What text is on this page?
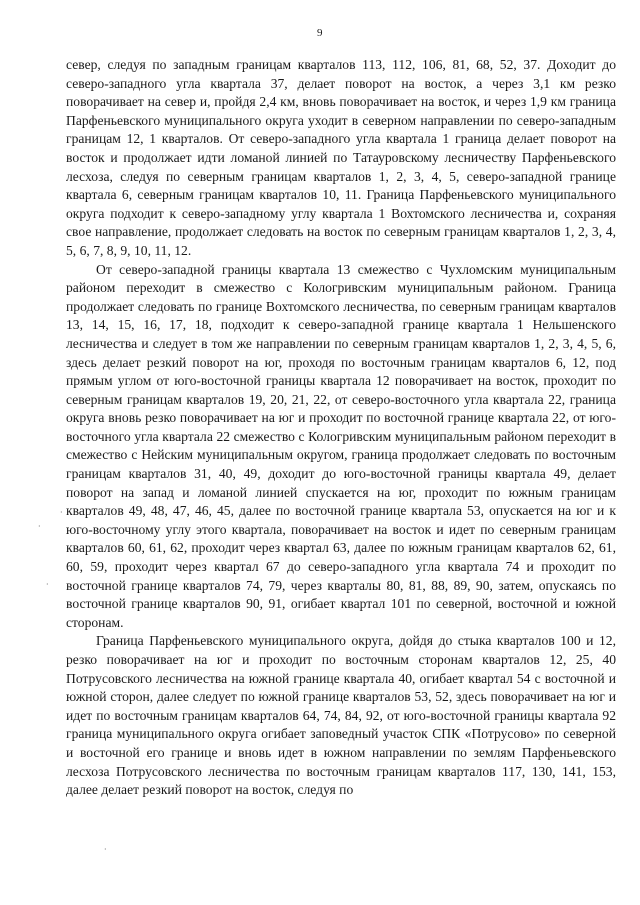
9

север, следуя по западным границам кварталов 113, 112, 106, 81, 68, 52, 37. Доходит до северо-западного угла квартала 37, делает поворот на восток, а через 3,1 км резко поворачивает на север и, пройдя 2,4 км, вновь поворачивает на восток, и через 1,9 км граница Парфеньевского муниципального округа уходит в северном направлении по северо-западным границам 12, 1 кварталов. От северо-западного угла квартала 1 граница делает поворот на восток и продолжает идти ломаной линией по Татауровскому лесничеству Парфеньевского лесхоза, следуя по северным границам кварталов 1, 2, 3, 4, 5, северо-западной границе квартала 6, северным границам кварталов 10, 11. Граница Парфеньевского муниципального округа подходит к северо-западному углу квартала 1 Вохтомского лесничества и, сохраняя свое направление, продолжает следовать на восток по северным границам кварталов 1, 2, 3, 4, 5, 6, 7, 8, 9, 10, 11, 12.

От северо-западной границы квартала 13 смежество с Чухломским муниципальным районом переходит в смежество с Кологривским муниципальным районом. Граница продолжает следовать по границе Вохтомского лесничества, по северным границам кварталов 13, 14, 15, 16, 17, 18, подходит к северо-западной границе квартала 1 Нельшенского лесничества и следует в том же направлении по северным границам кварталов 1, 2, 3, 4, 5, 6, здесь делает резкий поворот на юг, проходя по восточным границам кварталов 6, 12, под прямым углом от юго-восточной границы квартала 12 поворачивает на восток, проходит по северным границам кварталов 19, 20, 21, 22, от северо-восточного угла квартала 22, граница округа вновь резко поворачивает на юг и проходит по восточной границе квартала 22, от юго-восточного угла квартала 22 смежество с Кологривским муниципальным районом переходит в смежество с Нейским муниципальным округом, граница продолжает следовать по восточным границам кварталов 31, 40, 49, доходит до юго-восточной границы квартала 49, делает поворот на запад и ломаной линией спускается на юг, проходит по южным границам кварталов 49, 48, 47, 46, 45, далее по восточной границе квартала 53, опускается на юг и к юго-восточному углу этого квартала, поворачивает на восток и идет по северным границам кварталов 60, 61, 62, проходит через квартал 63, далее по южным границам кварталов 62, 61, 60, 59, проходит через квартал 67 до северо-западного угла квартала 74 и проходит по восточной границе кварталов 74, 79, через кварталы 80, 81, 88, 89, 90, затем, опускаясь по восточной границе кварталов 90, 91, огибает квартал 101 по северной, восточной и южной сторонам.

Граница Парфеньевского муниципального округа, дойдя до стыка кварталов 100 и 12, резко поворачивает на юг и проходит по восточным сторонам кварталов 12, 25, 40 Потрусовского лесничества на южной границе квартала 40, огибает квартал 54 с восточной и южной сторон, далее следует по южной границе кварталов 53, 52, здесь поворачивает на юг и идет по восточным границам кварталов 64, 74, 84, 92, от юго-восточной границы квартала 92 граница муниципального округа огибает заповедный участок СПК «Потрусово» по северной и восточной его границе и вновь идет в южном направлении по землям Парфеньевского лесхоза Потрусовского лесничества по восточным границам кварталов 117, 130, 141, 153, далее делает резкий поворот на восток, следуя по

·
·
·
·
